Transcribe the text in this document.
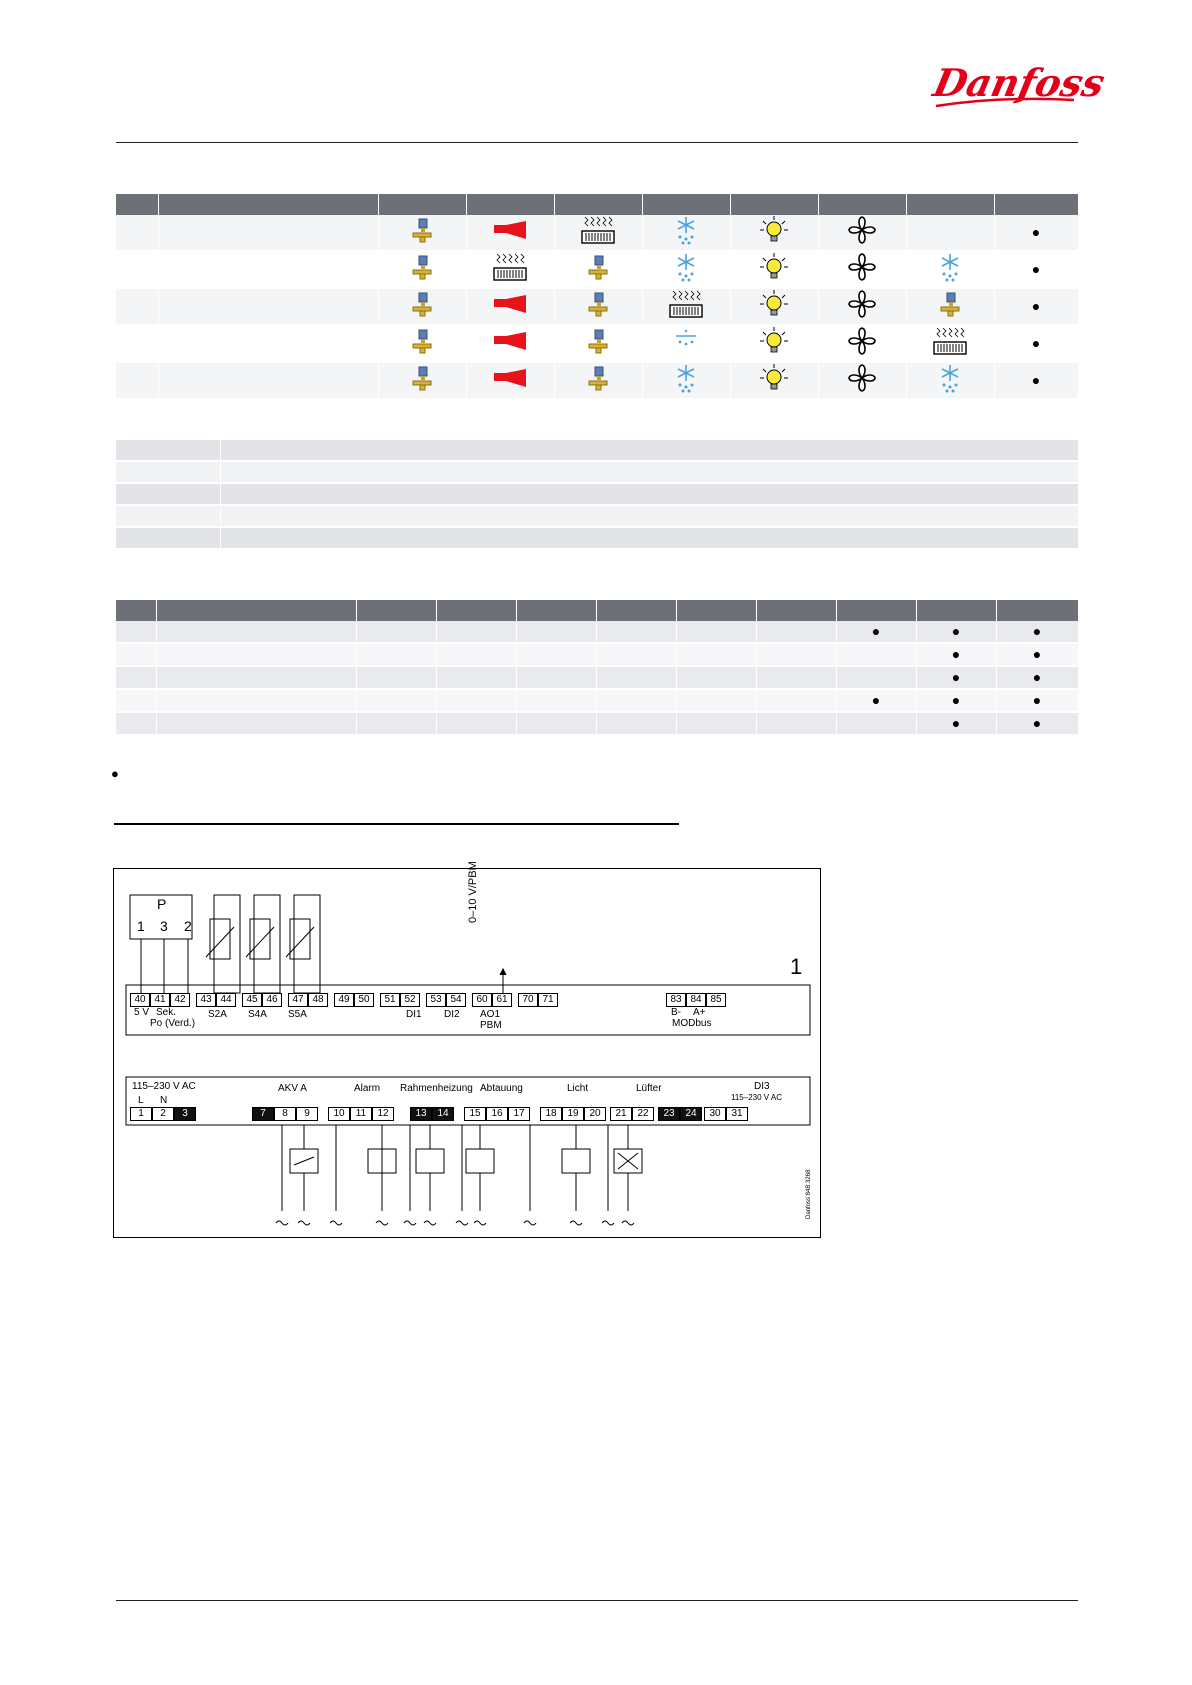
Danfoss

									●
									●
									●
									●
									●

								●	●	●
									●	●
									●	●
								●	●	●
									●	●
●
1
0–10 V/PBM
P
1 3 2
40 41 42	43 44	45 46	47 48	49 50	51 52	53 54	60 61	70 71	83 84 85
1	2	3	7	8	9	10	11	12	13	14	15	16	17	18	19	20	21	22	23	24	30	31
5 V Sek.
Po (Verd.)
S2A S4A S5A	DI1 DI2 AO1
PBM
B- A+
MODbus
115–230 V AC
L N
AKV A	Alarm Rahmenheizung Abtauung	Licht	Lüfter	DI3
115–230 V AC
Danfoss 84B 3268
